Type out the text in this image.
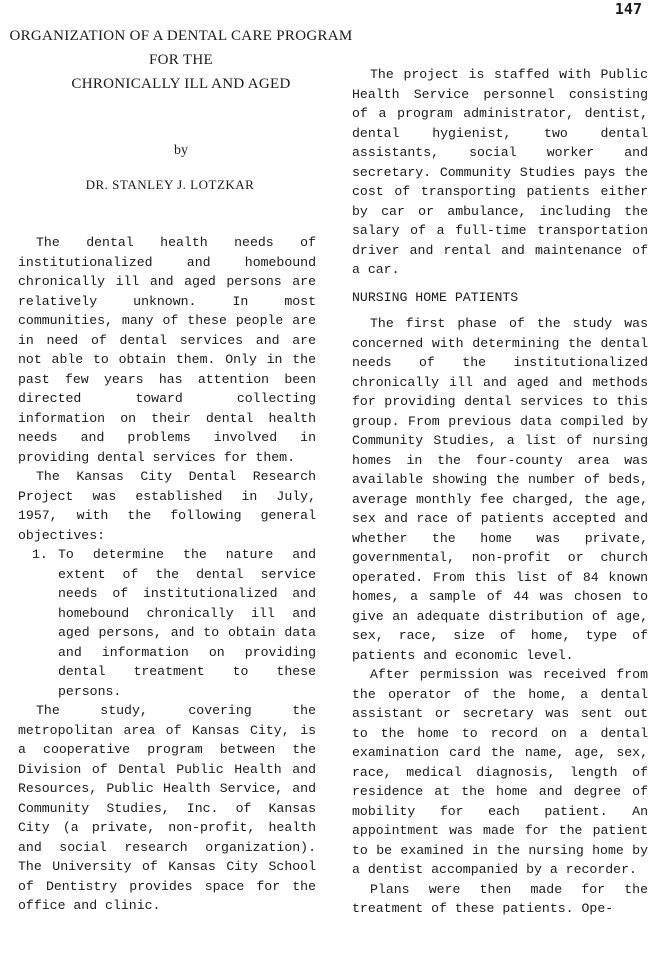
147
ORGANIZATION OF A DENTAL CARE PROGRAM
FOR THE
CHRONICALLY ILL AND AGED
by
DR. STANLEY J. LOTZKAR

The dental health needs of institutionalized and homebound chronically ill and aged persons are relatively unknown. In most communities, many of these people are in need of dental services and are not able to obtain them. Only in the past few years has attention been directed toward collecting information on their dental health needs and problems involved in providing dental services for them.

The Kansas City Dental Research Project was established in July, 1957, with the following general objectives:

1. To determine the nature and extent of the dental service needs of institutionalized and homebound chronically ill and aged persons, and to obtain data and information on providing dental treatment to these persons.

The study, covering the metropolitan area of Kansas City, is a cooperative program between the Division of Dental Public Health and Resources, Public Health Service, and Community Studies, Inc. of Kansas City (a private, non-profit, health and social research organization). The University of Kansas City School of Dentistry provides space for the office and clinic.

The project is staffed with Public Health Service personnel consisting of a program administrator, dentist, dental hygienist, two dental assistants, social worker and secretary. Community Studies pays the cost of transporting patients either by car or ambulance, including the salary of a full-time transportation driver and rental and maintenance of a car.

NURSING HOME PATIENTS

The first phase of the study was concerned with determining the dental needs of the institutionalized chronically ill and aged and methods for providing dental services to this group. From previous data compiled by Community Studies, a list of nursing homes in the four-county area was available showing the number of beds, average monthly fee charged, the age, sex and race of patients accepted and whether the home was private, governmental, non-profit or church operated. From this list of 84 known homes, a sample of 44 was chosen to give an adequate distribution of age, sex, race, size of home, type of patients and economic level.

After permission was received from the operator of the home, a dental assistant or secretary was sent out to the home to record on a dental examination card the name, age, sex, race, medical diagnosis, length of residence at the home and degree of mobility for each patient. An appointment was made for the patient to be examined in the nursing home by a dentist accompanied by a recorder.

Plans were then made for the treatment of these patients. Ope-
